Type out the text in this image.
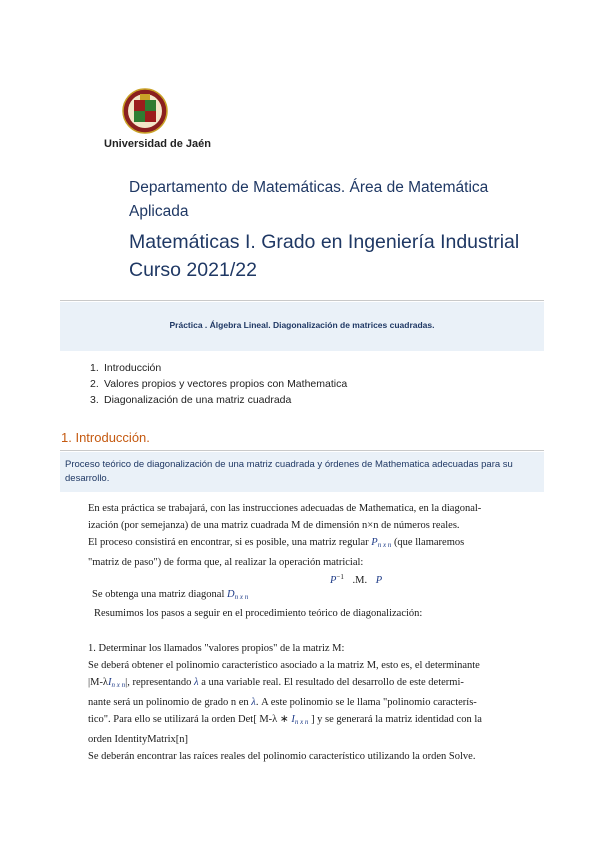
Universidad de Jaén
Departamento de Matemáticas. Área de Matemática Aplicada
Matemáticas I. Grado en Ingeniería Industrial
Curso 2021/22
Práctica . Álgebra Lineal. Diagonalización de matrices cuadradas.
1. Introducción
2. Valores propios y vectores propios con Mathematica
3. Diagonalización de una matriz cuadrada
1. Introducción.
Proceso teórico de diagonalización de una matriz cuadrada y órdenes de Mathematica adecuadas para su desarrollo.
En esta práctica se trabajará, con las instrucciones adecuadas de Mathematica, en la diagonal-
ización (por semejanza) de una matriz cuadrada M de dimensión n×n de números reales.
El proceso consistirá en encontrar, si es posible, una matriz regular $P_{n x n}$ (que llamaremos
"matriz de paso") de forma que, al realizar la operación matricial:
$P^{-1}$ .M. P
Se obtenga una matriz diagonal $D_{n x n}$
Resumimos los pasos a seguir en el procedimiento teórico de diagonalización:
1. Determinar los llamados "valores propios" de la matriz M:
Se deberá obtener el polinomio característico asociado a la matriz M, esto es, el determinante
$|M-\lambda I_{n x n}|$, representando λ a una variable real. El resultado del desarrollo de este determi-
nante será un polinomio de grado n en λ. A este polinomio se le llama "polinomio caracterís-
tico". Para ello se utilizará la orden Det[ M-λ ∗ $I_{n x n}$ ] y se generará la matriz identidad con la
orden IdentityMatrix[n]
Se deberán encontrar las raíces reales del polinomio característico utilizando la orden Solve.
